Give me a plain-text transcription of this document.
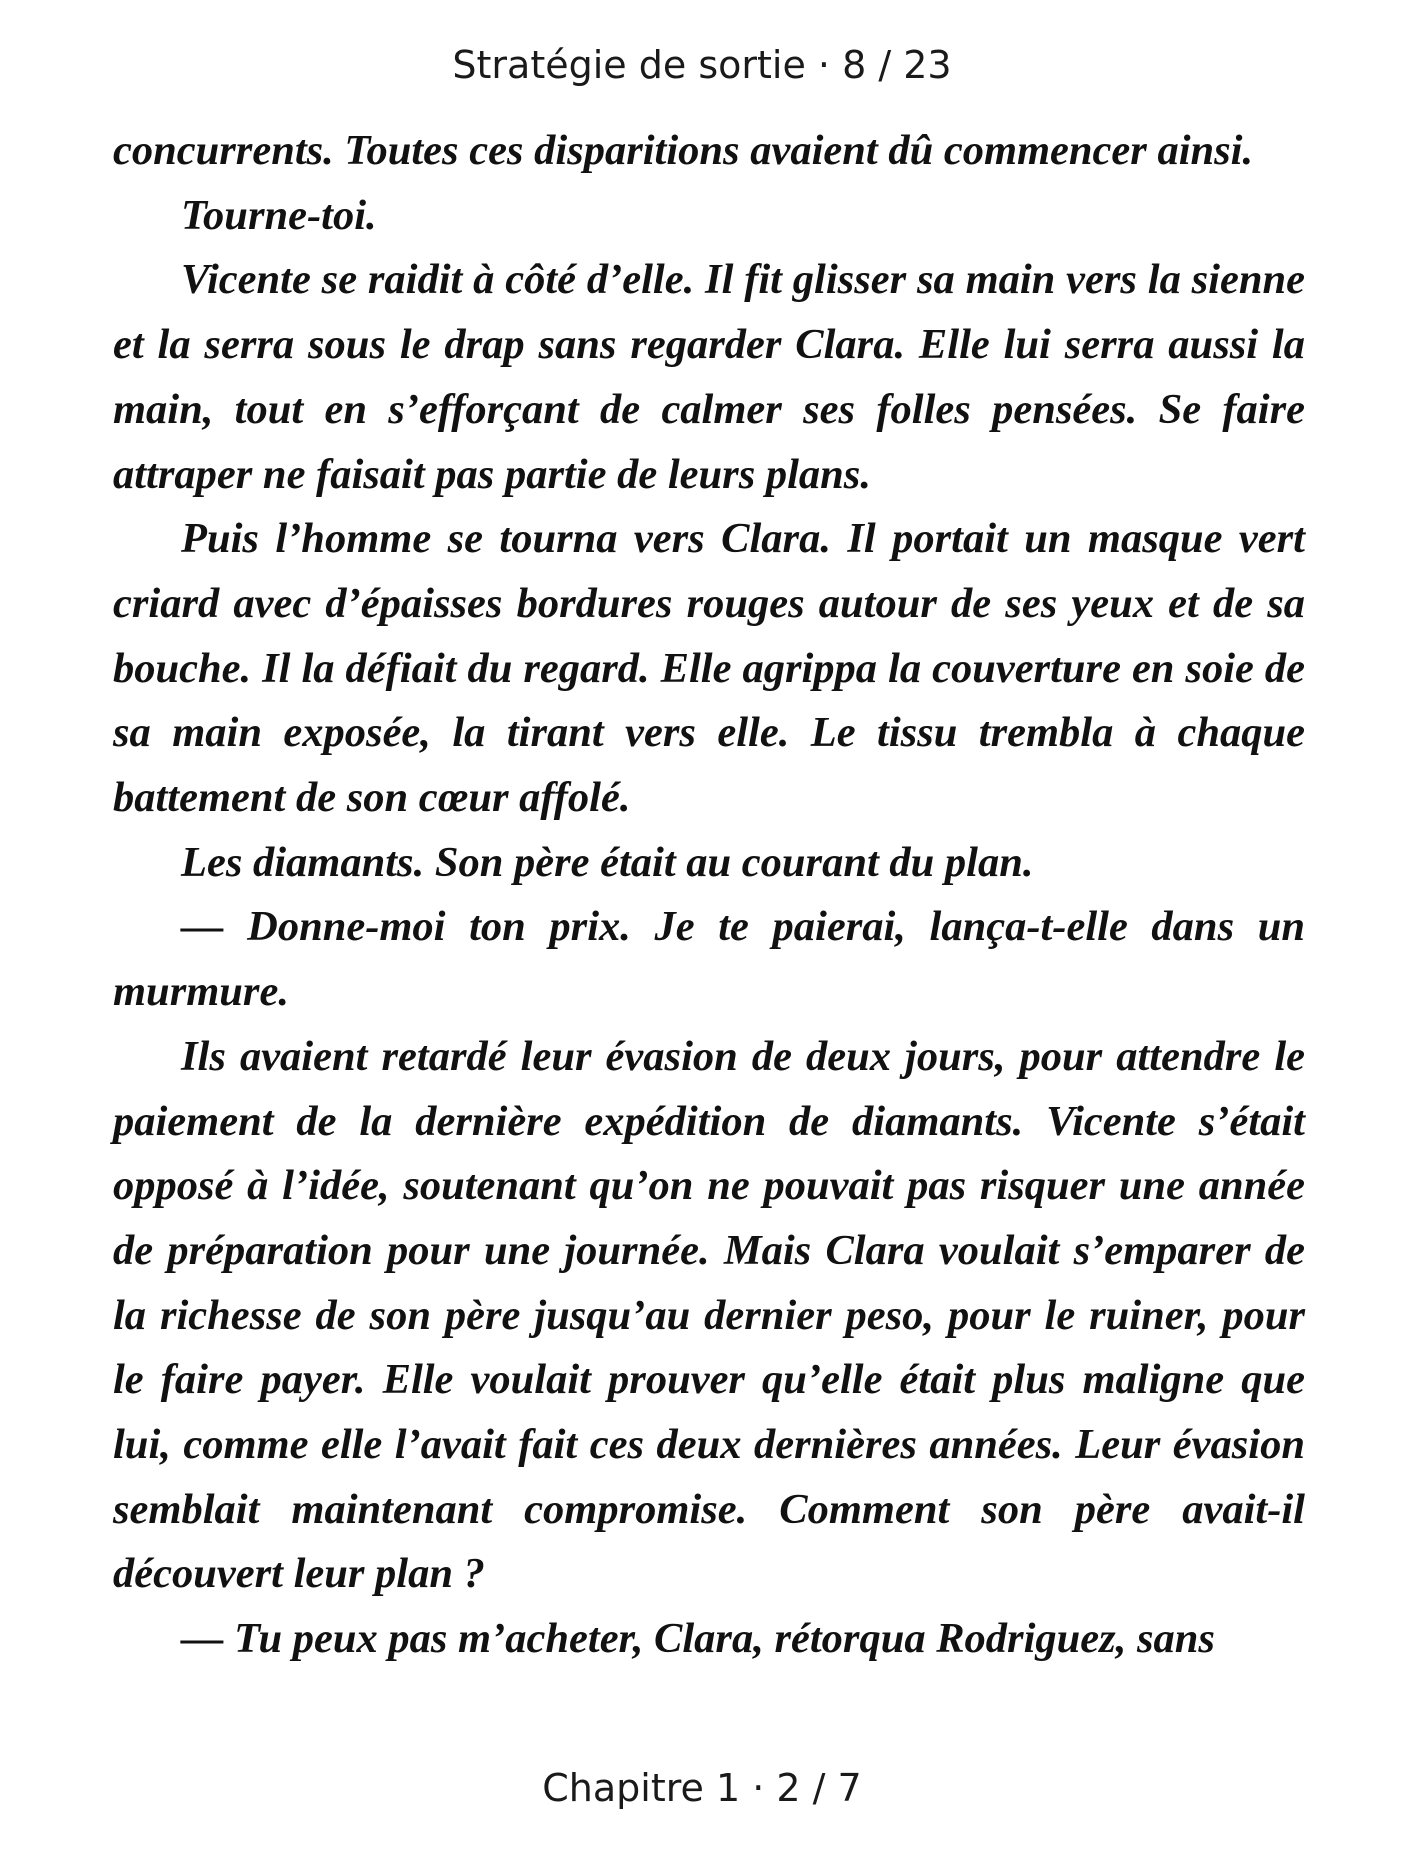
Stratégie de sortie · 8 / 23

concurrents. Toutes ces disparitions avaient dû commencer ainsi.

Tourne-toi.

Vicente se raidit à côté d’elle. Il fit glisser sa main vers la sienne et la serra sous le drap sans regarder Clara. Elle lui serra aussi la main, tout en s’efforçant de calmer ses folles pensées. Se faire attraper ne faisait pas partie de leurs plans.

Puis l’homme se tourna vers Clara. Il portait un masque vert criard avec d’épaisses bordures rouges autour de ses yeux et de sa bouche. Il la défiait du regard. Elle agrippa la couverture en soie de sa main exposée, la tirant vers elle. Le tissu trembla à chaque battement de son cœur affolé.

Les diamants. Son père était au courant du plan.

— Donne-moi ton prix. Je te paierai, lança-t-elle dans un murmure.

Ils avaient retardé leur évasion de deux jours, pour attendre le paiement de la dernière expédition de diamants. Vicente s’était opposé à l’idée, soutenant qu’on ne pouvait pas risquer une année de préparation pour une journée. Mais Clara voulait s’emparer de la richesse de son père jusqu’au dernier peso, pour le ruiner, pour le faire payer. Elle voulait prouver qu’elle était plus maligne que lui, comme elle l’avait fait ces deux dernières années. Leur évasion semblait maintenant compromise. Comment son père avait-il découvert leur plan ?

— Tu peux pas m’acheter, Clara, rétorqua Rodriguez, sans

Chapitre 1 · 2 / 7
